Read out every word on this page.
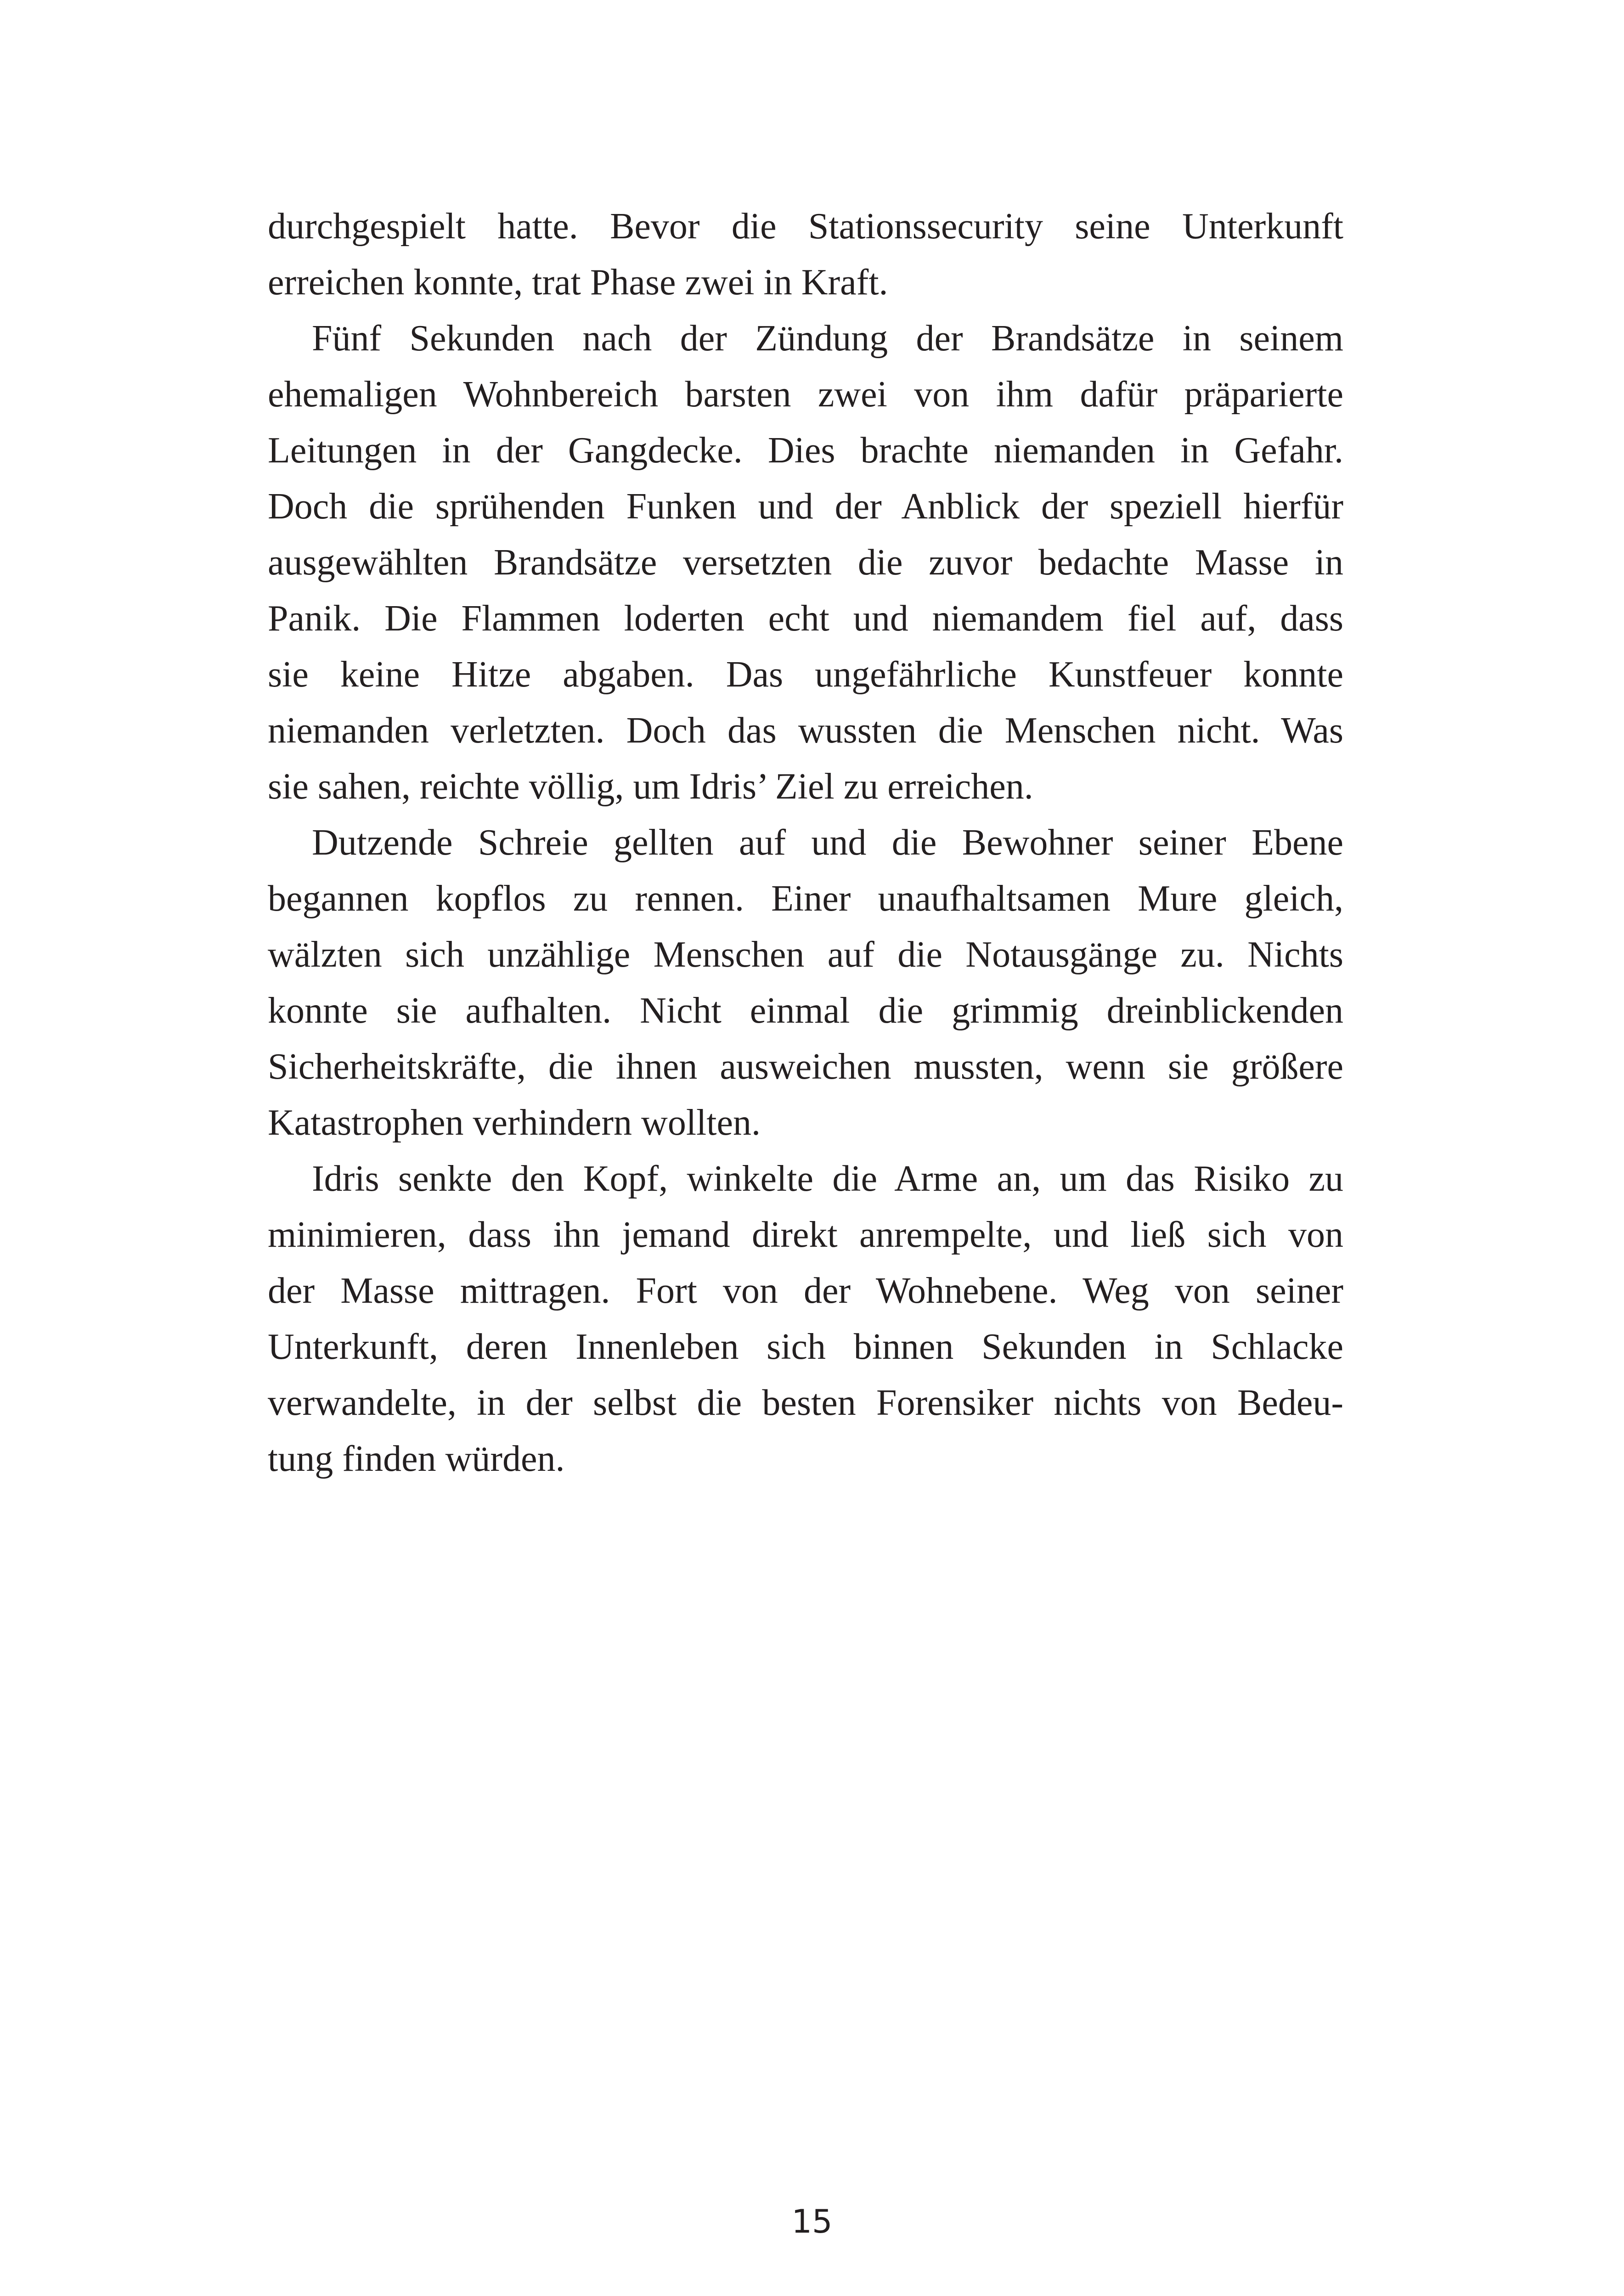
durchgespielt hatte. Bevor die Stationssecurity seine Unterkunft
erreichen konnte, trat Phase zwei in Kraft.

Fünf Sekunden nach der Zündung der Brandsätze in seinem
ehemaligen Wohnbereich barsten zwei von ihm dafür präparierte
Leitungen in der Gangdecke. Dies brachte niemanden in Gefahr.
Doch die sprühenden Funken und der Anblick der speziell hierfür
ausgewählten Brandsätze versetzten die zuvor bedachte Masse in
Panik. Die Flammen loderten echt und niemandem fiel auf, dass
sie keine Hitze abgaben. Das ungefährliche Kunstfeuer konnte
niemanden verletzten. Doch das wussten die Menschen nicht. Was
sie sahen, reichte völlig, um Idris’ Ziel zu erreichen.

Dutzende Schreie gellten auf und die Bewohner seiner Ebene
begannen kopflos zu rennen. Einer unaufhaltsamen Mure gleich,
wälzten sich unzählige Menschen auf die Notausgänge zu. Nichts
konnte sie aufhalten. Nicht einmal die grimmig dreinblickenden
Sicherheitskräfte, die ihnen ausweichen mussten, wenn sie größere
Katastrophen verhindern wollten.

Idris senkte den Kopf, winkelte die Arme an, um das Risiko zu
minimieren, dass ihn jemand direkt anrempelte, und ließ sich von
der Masse mittragen. Fort von der Wohnebene. Weg von seiner
Unterkunft, deren Innenleben sich binnen Sekunden in Schlacke
verwandelte, in der selbst die besten Forensiker nichts von Bedeu-
tung finden würden.

15
